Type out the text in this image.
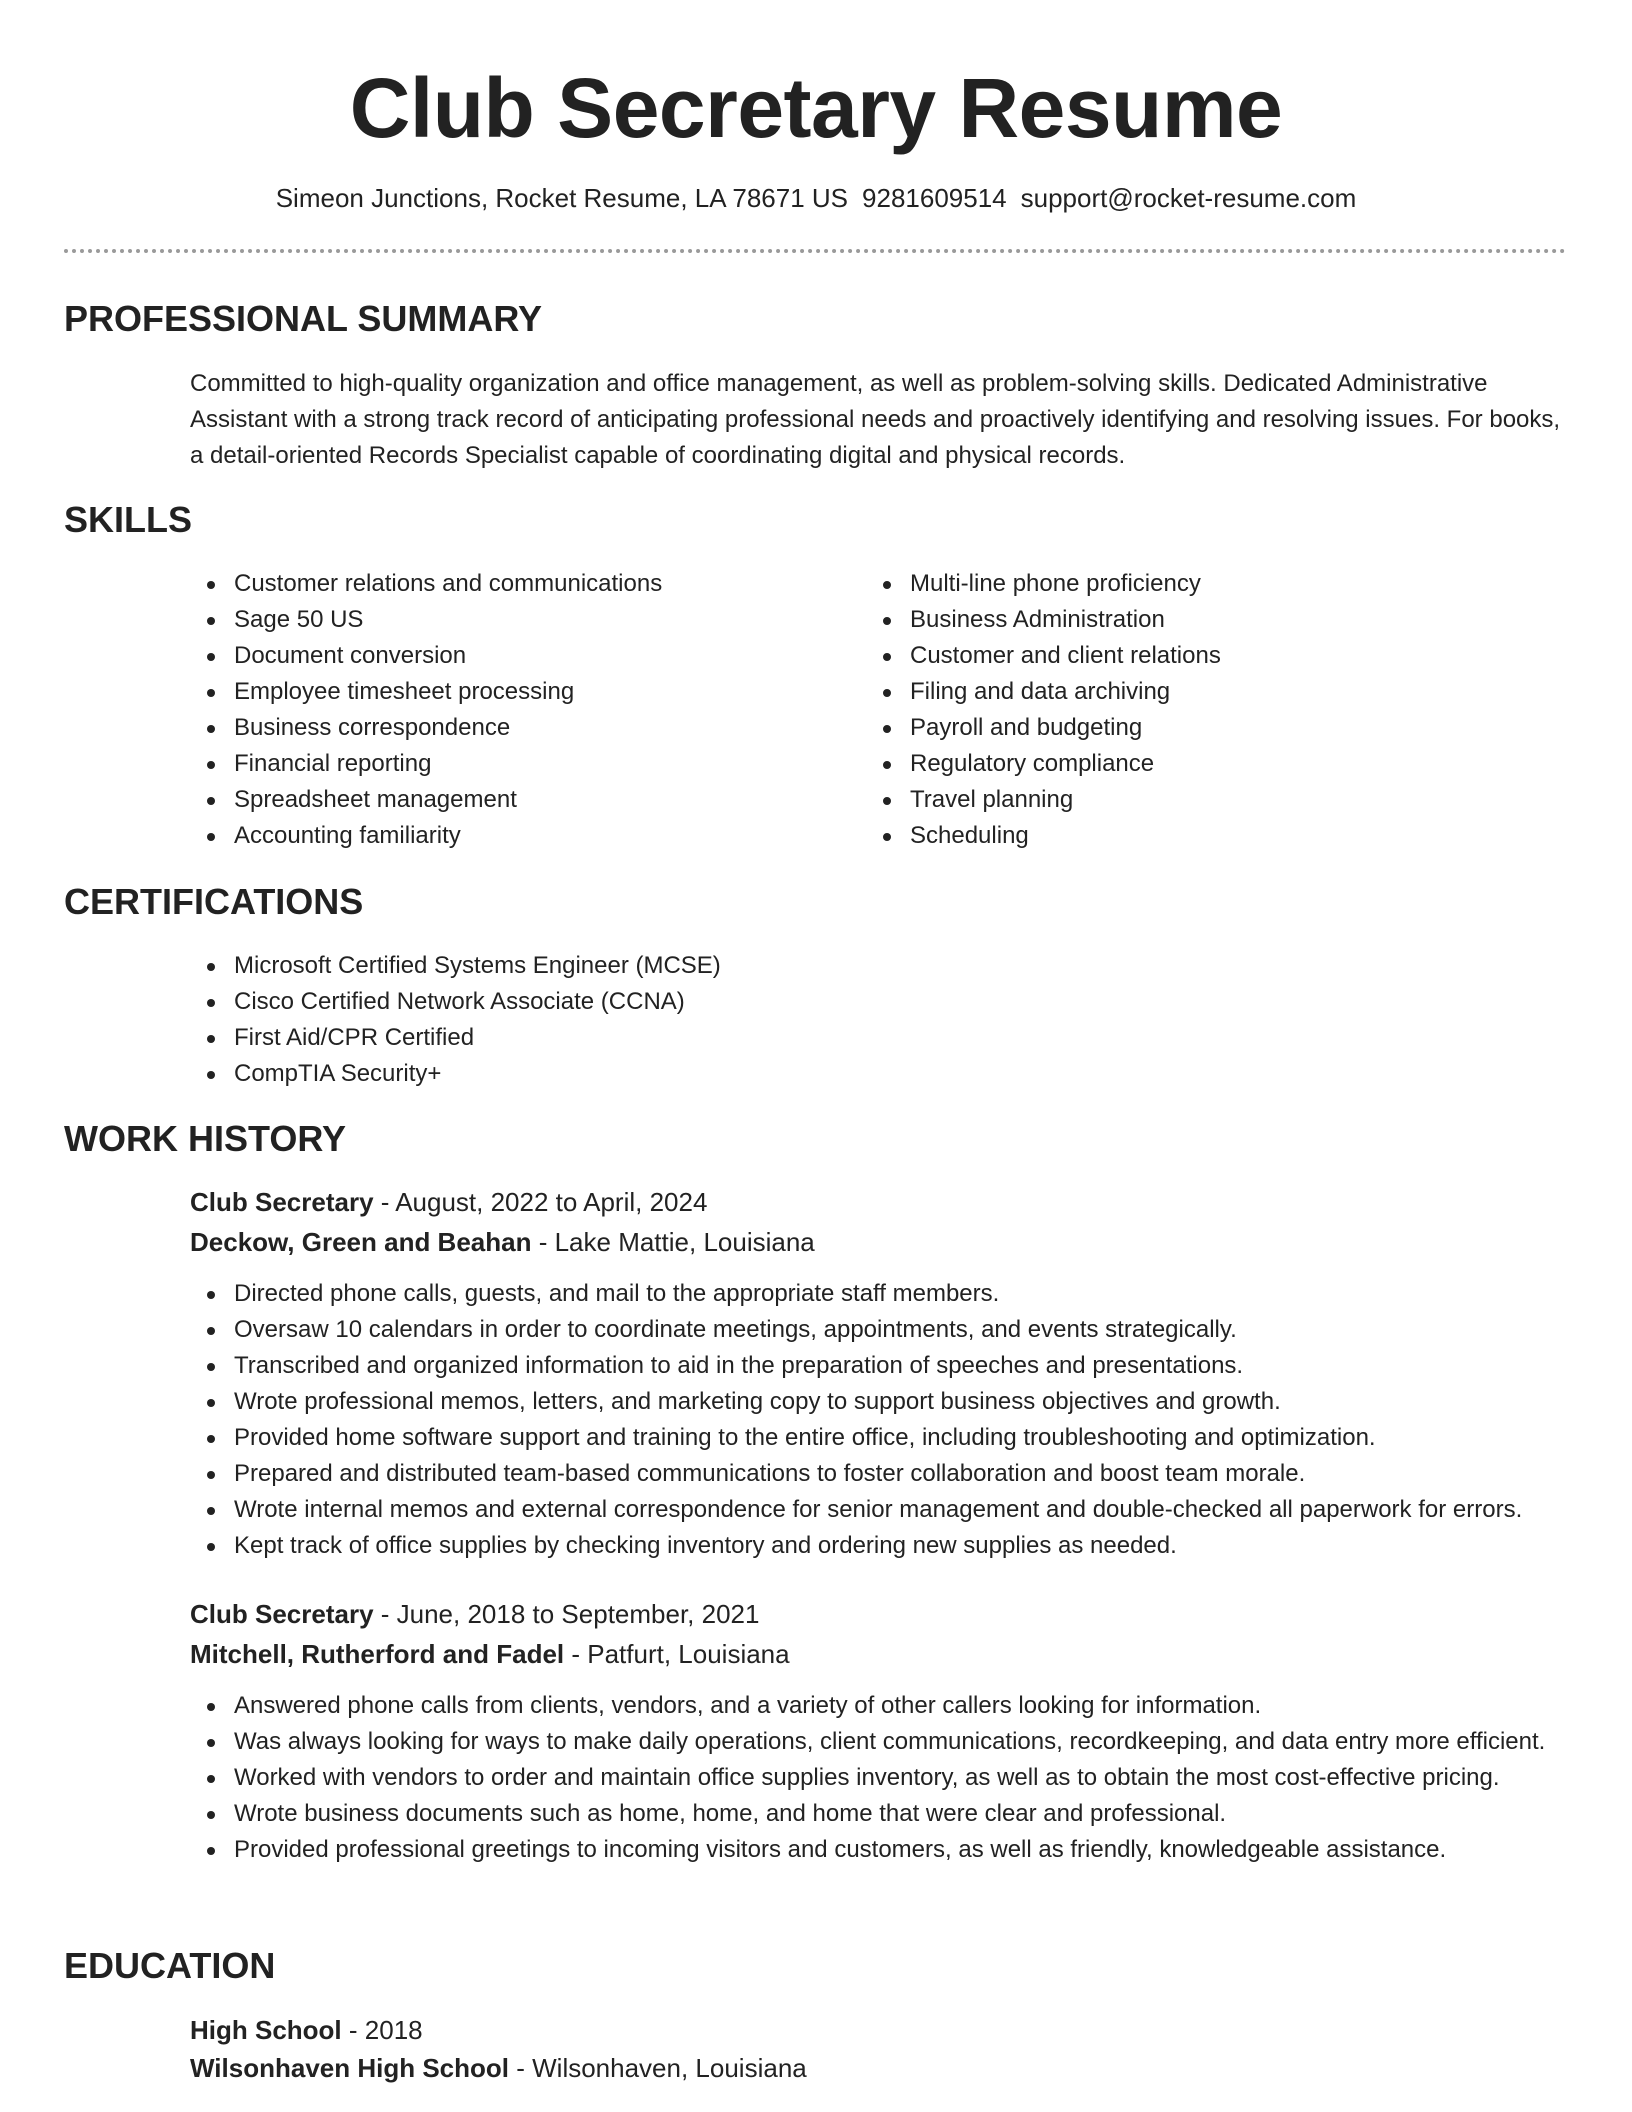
Club Secretary Resume
Simeon Junctions, Rocket Resume, LA 78671 US 9281609514 support@rocket-resume.com
PROFESSIONAL SUMMARY

Committed to high-quality organization and office management, as well as problem-solving skills. Dedicated Administrative Assistant with a strong track record of anticipating professional needs and proactively identifying and resolving issues. For books, a detail-oriented Records Specialist capable of coordinating digital and physical records.

SKILLS
Customer relations and communications
Sage 50 US
Document conversion
Employee timesheet processing
Business correspondence
Financial reporting
Spreadsheet management
Accounting familiarity
Multi-line phone proficiency
Business Administration
Customer and client relations
Filing and data archiving
Payroll and budgeting
Regulatory compliance
Travel planning
Scheduling
CERTIFICATIONS
Microsoft Certified Systems Engineer (MCSE)
Cisco Certified Network Associate (CCNA)
First Aid/CPR Certified
CompTIA Security+
WORK HISTORY
Club Secretary - August, 2022 to April, 2024
Deckow, Green and Beahan - Lake Mattie, Louisiana
Directed phone calls, guests, and mail to the appropriate staff members.
Oversaw 10 calendars in order to coordinate meetings, appointments, and events strategically.
Transcribed and organized information to aid in the preparation of speeches and presentations.
Wrote professional memos, letters, and marketing copy to support business objectives and growth.
Provided home software support and training to the entire office, including troubleshooting and optimization.
Prepared and distributed team-based communications to foster collaboration and boost team morale.
Wrote internal memos and external correspondence for senior management and double-checked all paperwork for errors.
Kept track of office supplies by checking inventory and ordering new supplies as needed.
Club Secretary - June, 2018 to September, 2021
Mitchell, Rutherford and Fadel - Patfurt, Louisiana
Answered phone calls from clients, vendors, and a variety of other callers looking for information.
Was always looking for ways to make daily operations, client communications, recordkeeping, and data entry more efficient.
Worked with vendors to order and maintain office supplies inventory, as well as to obtain the most cost-effective pricing.
Wrote business documents such as home, home, and home that were clear and professional.
Provided professional greetings to incoming visitors and customers, as well as friendly, knowledgeable assistance.
EDUCATION
High School - 2018
Wilsonhaven High School - Wilsonhaven, Louisiana
